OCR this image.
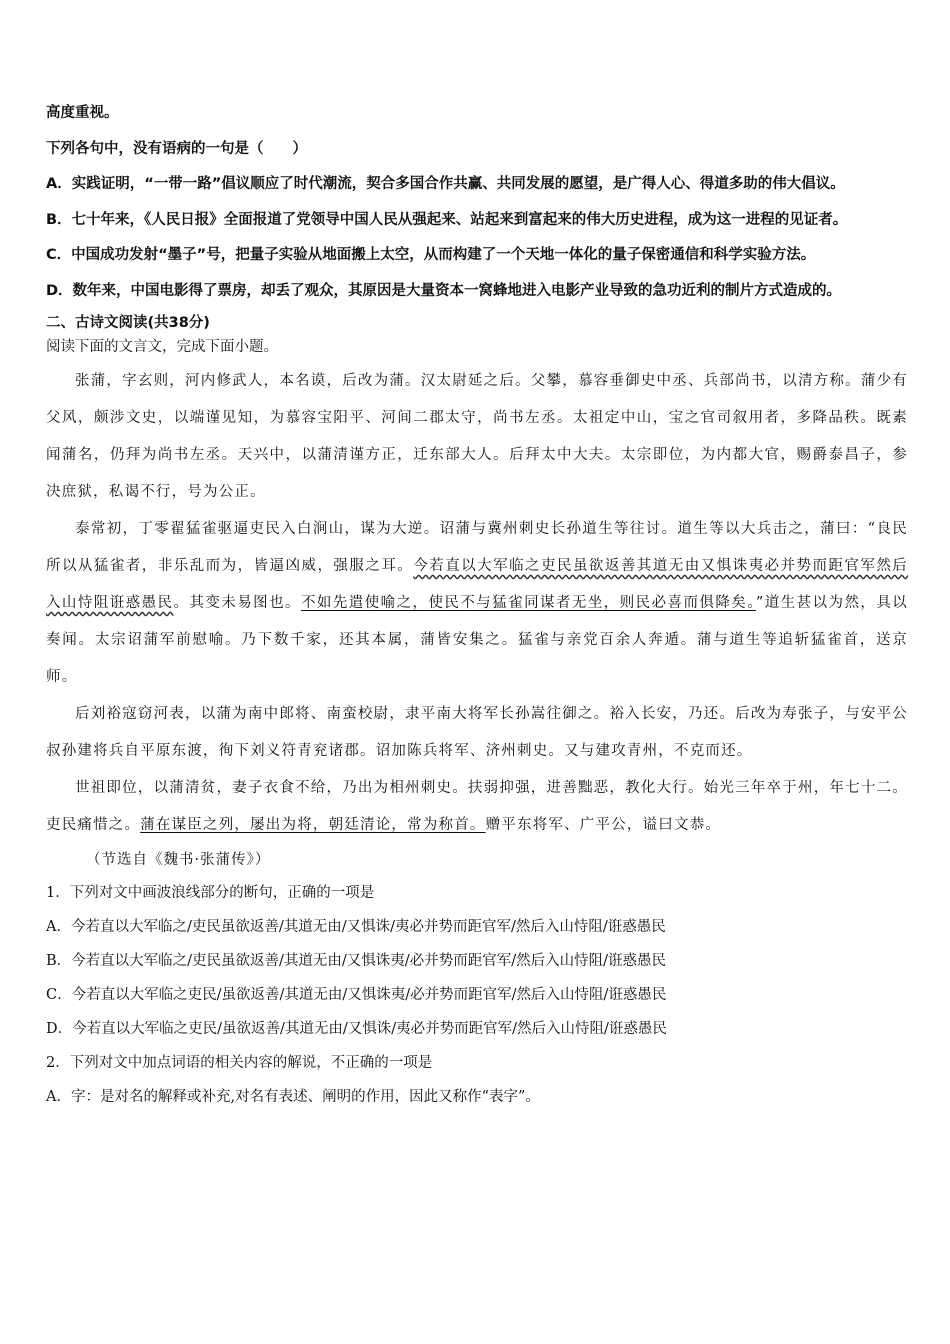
高度重视。

下列各句中，没有语病的一句是（　　）

A．实践证明，“一带一路”倡议顺应了时代潮流，契合多国合作共赢、共同发展的愿望，是广得人心、得道多助的伟大倡议。

B．七十年来，《人民日报》全面报道了党领导中国人民从强起来、站起来到富起来的伟大历史进程，成为这一进程的见证者。

C．中国成功发射“墨子”号，把量子实验从地面搬上太空，从而构建了一个天地一体化的量子保密通信和科学实验方法。

D．数年来，中国电影得了票房，却丢了观众，其原因是大量资本一窝蜂地进入电影产业导致的急功近利的制片方式造成的。

二、古诗文阅读(共38分)

阅读下面的文言文，完成下面小题。

张蒲，字玄则，河内修武人，本名谟，后改为蒲。汉太尉延之后。父攀，慕容垂御史中丞、兵部尚书，以清方称。蒲少有父风，颇涉文史，以端谨见知，为慕容宝阳平、河间二郡太守，尚书左丞。太祖定中山，宝之官司叙用者，多降品秩。既素闻蒲名，仍拜为尚书左丞。天兴中，以蒲清谨方正，迁东部大人。后拜太中大夫。太宗即位，为内都大官，赐爵泰昌子，参决庶狱，私谒不行，号为公正。

泰常初，丁零翟猛雀驱逼吏民入白涧山，谋为大逆。诏蒲与冀州刺史长孙道生等往讨。道生等以大兵击之，蒲曰：“良民所以从猛雀者，非乐乱而为，皆逼凶威，强服之耳。今若直以大军临之吏民虽欲返善其道无由又惧诛夷必并势而距官军然后入山恃阻诳惑愚民。其变未易图也。不如先遣使喻之，使民不与猛雀同谋者无坐，则民必喜而俱降矣。”道生甚以为然，具以奏闻。太宗诏蒲军前慰喻。乃下数千家，还其本属，蒲皆安集之。猛雀与亲党百余人奔遁。蒲与道生等追斩猛雀首，送京师。

后刘裕寇窃河表，以蒲为南中郎将、南蛮校尉，隶平南大将军长孙嵩往御之。裕入长安，乃还。后改为寿张子，与安平公叔孙建将兵自平原东渡，徇下刘义符青兖诸郡。诏加陈兵将军、济州刺史。又与建攻青州，不克而还。

世祖即位，以蒲清贫，妻子衣食不给，乃出为相州刺史。扶弱抑强，进善黜恶，教化大行。始光三年卒于州，年七十二。吏民痛惜之。蒲在谋臣之列，屡出为将，朝廷清论，常为称首。赠平东将军、广平公，谥曰文恭。

（节选自《魏书·张蒲传》）

1．下列对文中画波浪线部分的断句，正确的一项是

A．今若直以大军临之/吏民虽欲返善/其道无由/又惧诛/夷必并势而距官军/然后入山恃阻/诳惑愚民

B．今若直以大军临之/吏民虽欲返善/其道无由/又惧诛夷/必并势而距官军/然后入山恃阻/诳惑愚民

C．今若直以大军临之吏民/虽欲返善/其道无由/又惧诛夷/必并势而距官军/然后入山恃阻/诳惑愚民

D．今若直以大军临之吏民/虽欲返善/其道无由/又惧诛/夷必并势而距官军/然后入山恃阻/诳惑愚民

2．下列对文中加点词语的相关内容的解说，不正确的一项是

A．字：是对名的解释或补充,对名有表述、阐明的作用，因此又称作“表字”。
